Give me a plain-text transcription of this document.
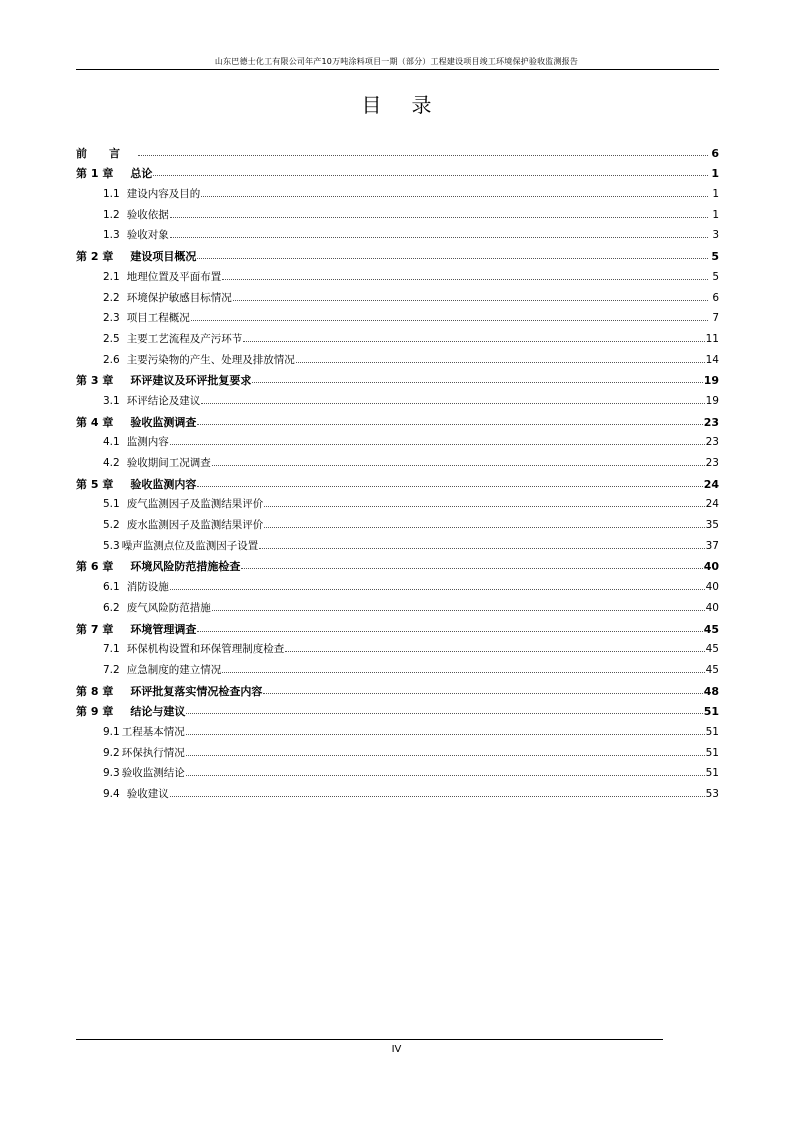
山东巴德士化工有限公司年产10万吨涂料项目一期（部分）工程建设项目竣工环境保护验收监测报告
目 录
前　　言	6
第 1 章 总论	1
1.1 建设内容及目的	1
1.2 验收依据	1
1.3 验收对象	3
第 2 章 建设项目概况	5
2.1 地理位置及平面布置	5
2.2 环境保护敏感目标情况	6
2.3 项目工程概况	7
2.5 主要工艺流程及产污环节	11
2.6 主要污染物的产生、处理及排放情况	14
第 3 章 环评建议及环评批复要求	19
3.1 环评结论及建议	19
第 4 章 验收监测调查	23
4.1 监测内容	23
4.2 验收期间工况调查	23
第 5 章 验收监测内容	24
5.1 废气监测因子及监测结果评价	24
5.2 废水监测因子及监测结果评价	35
5.3 噪声监测点位及监测因子设置	37
第 6 章 环境风险防范措施检查	40
6.1 消防设施	40
6.2 废气风险防范措施	40
第 7 章 环境管理调查	45
7.1 环保机构设置和环保管理制度检查	45
7.2 应急制度的建立情况	45
第 8 章 环评批复落实情况检查内容	48
第 9 章 结论与建议	51
9.1 工程基本情况	51
9.2 环保执行情况	51
9.3 验收监测结论	51
9.4 验收建议	53
IV
